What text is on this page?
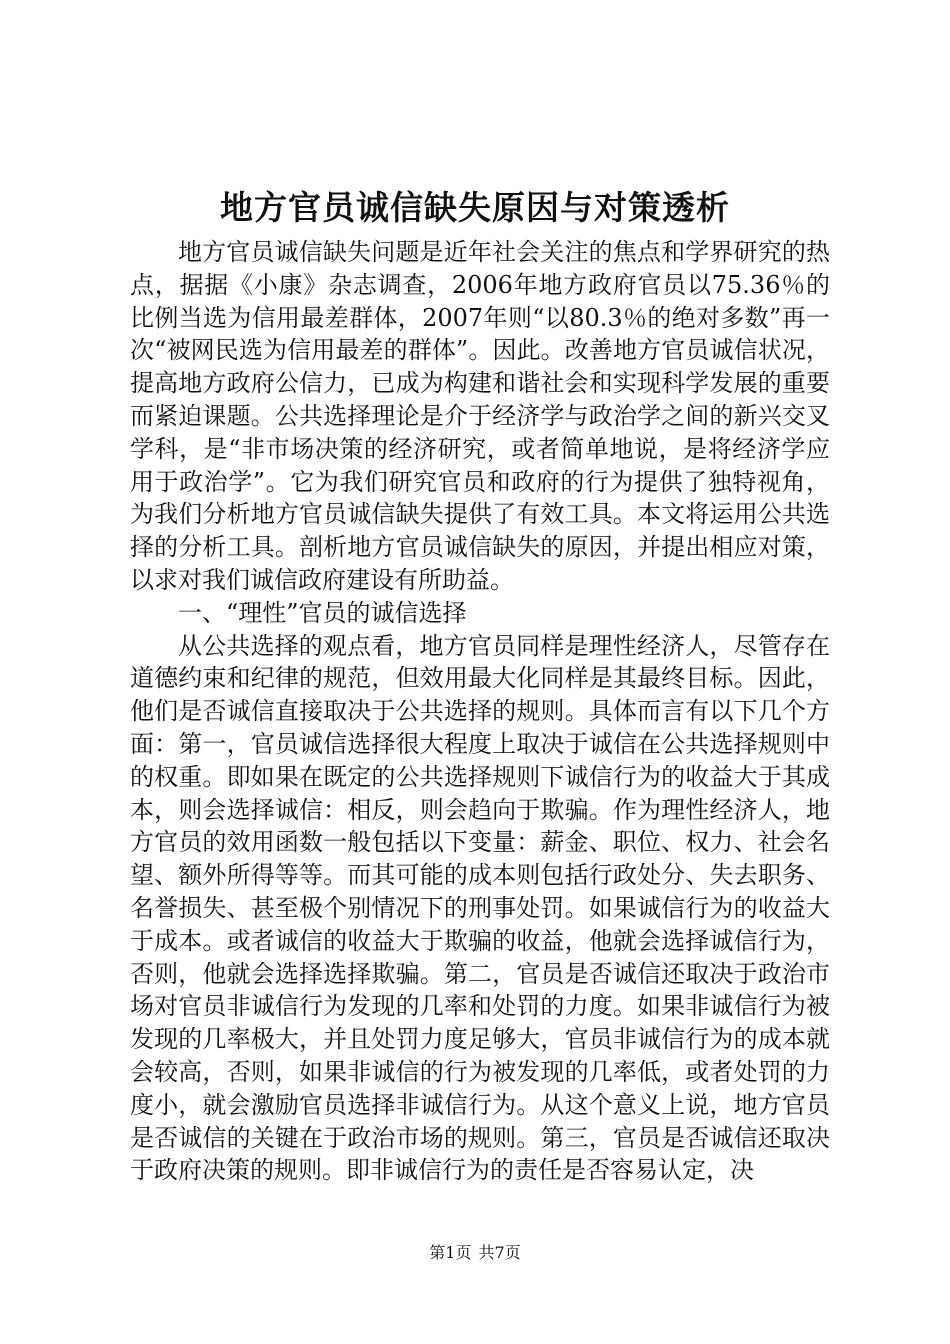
地方官员诚信缺失原因与对策透析

地方官员诚信缺失问题是近年社会关注的焦点和学界研究的热点，据据《小康》杂志调查，2006年地方政府官员以75.36％的比例当选为信用最差群体，2007年则“以80.3％的绝对多数”再一次“被网民选为信用最差的群体”。因此。改善地方官员诚信状况，提高地方政府公信力，已成为构建和谐社会和实现科学发展的重要而紧迫课题。公共选择理论是介于经济学与政治学之间的新兴交叉学科，是“非市场决策的经济研究，或者简单地说，是将经济学应用于政治学”。它为我们研究官员和政府的行为提供了独特视角，为我们分析地方官员诚信缺失提供了有效工具。本文将运用公共选择的分析工具。剖析地方官员诚信缺失的原因，并提出相应对策，以求对我们诚信政府建设有所助益。

一、“理性”官员的诚信选择

从公共选择的观点看，地方官员同样是理性经济人，尽管存在道德约束和纪律的规范，但效用最大化同样是其最终目标。因此，他们是否诚信直接取决于公共选择的规则。具体而言有以下几个方面：第一，官员诚信选择很大程度上取决于诚信在公共选择规则中的权重。即如果在既定的公共选择规则下诚信行为的收益大于其成本，则会选择诚信：相反，则会趋向于欺骗。作为理性经济人，地方官员的效用函数一般包括以下变量：薪金、职位、权力、社会名望、额外所得等等。而其可能的成本则包括行政处分、失去职务、名誉损失、甚至极个别情况下的刑事处罚。如果诚信行为的收益大于成本。或者诚信的收益大于欺骗的收益，他就会选择诚信行为，否则，他就会选择选择欺骗。第二，官员是否诚信还取决于政治市场对官员非诚信行为发现的几率和处罚的力度。如果非诚信行为被发现的几率极大，并且处罚力度足够大，官员非诚信行为的成本就会较高，否则，如果非诚信的行为被发现的几率低，或者处罚的力度小，就会激励官员选择非诚信行为。从这个意义上说，地方官员是否诚信的关键在于政治市场的规则。第三，官员是否诚信还取决于政府决策的规则。即非诚信行为的责任是否容易认定，决

第1页 共7页
